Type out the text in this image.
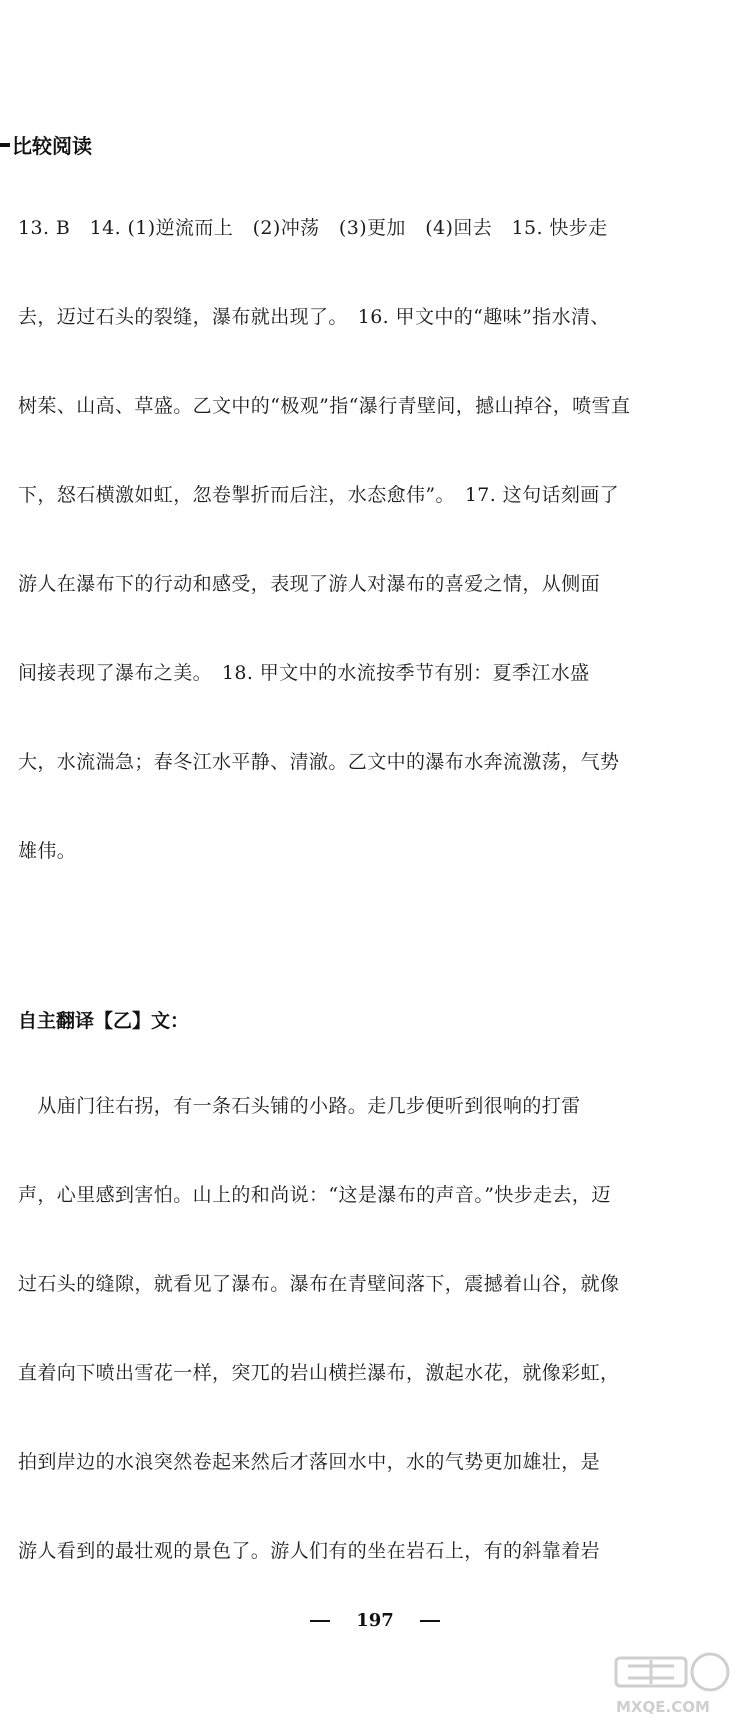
比较阅读
13. B　14. (1)逆流而上　(2)冲荡　(3)更加　(4)回去　15. 快步走
去，迈过石头的裂缝，瀑布就出现了。　16. 甲文中的“趣味”指水清、
树茱、山高、草盛。乙文中的“极观”指“瀑行青壁间，撼山掉谷，喷雪直
下，怒石横激如虹，忽卷掣折而后注，水态愈伟”。　17. 这句话刻画了
游人在瀑布下的行动和感受，表现了游人对瀑布的喜爱之情，从侧面
间接表现了瀑布之美。　18. 甲文中的水流按季节有别：夏季江水盛
大，水流湍急；春冬江水平静、清澈。乙文中的瀑布水奔流激荡，气势
雄伟。
自主翻译【乙】文：
　从庙门往右拐，有一条石头铺的小路。走几步便听到很响的打雷
声，心里感到害怕。山上的和尚说：“这是瀑布的声音。”快步走去，迈
过石头的缝隙，就看见了瀑布。瀑布在青壁间落下，震撼着山谷，就像
直着向下喷出雪花一样，突兀的岩山横拦瀑布，激起水花，就像彩虹，
拍到岸边的水浪突然卷起来然后才落回水中，水的气势更加雄壮，是
游人看到的最壮观的景色了。游人们有的坐在岩石上，有的斜靠着岩
197
MXQE.COM
